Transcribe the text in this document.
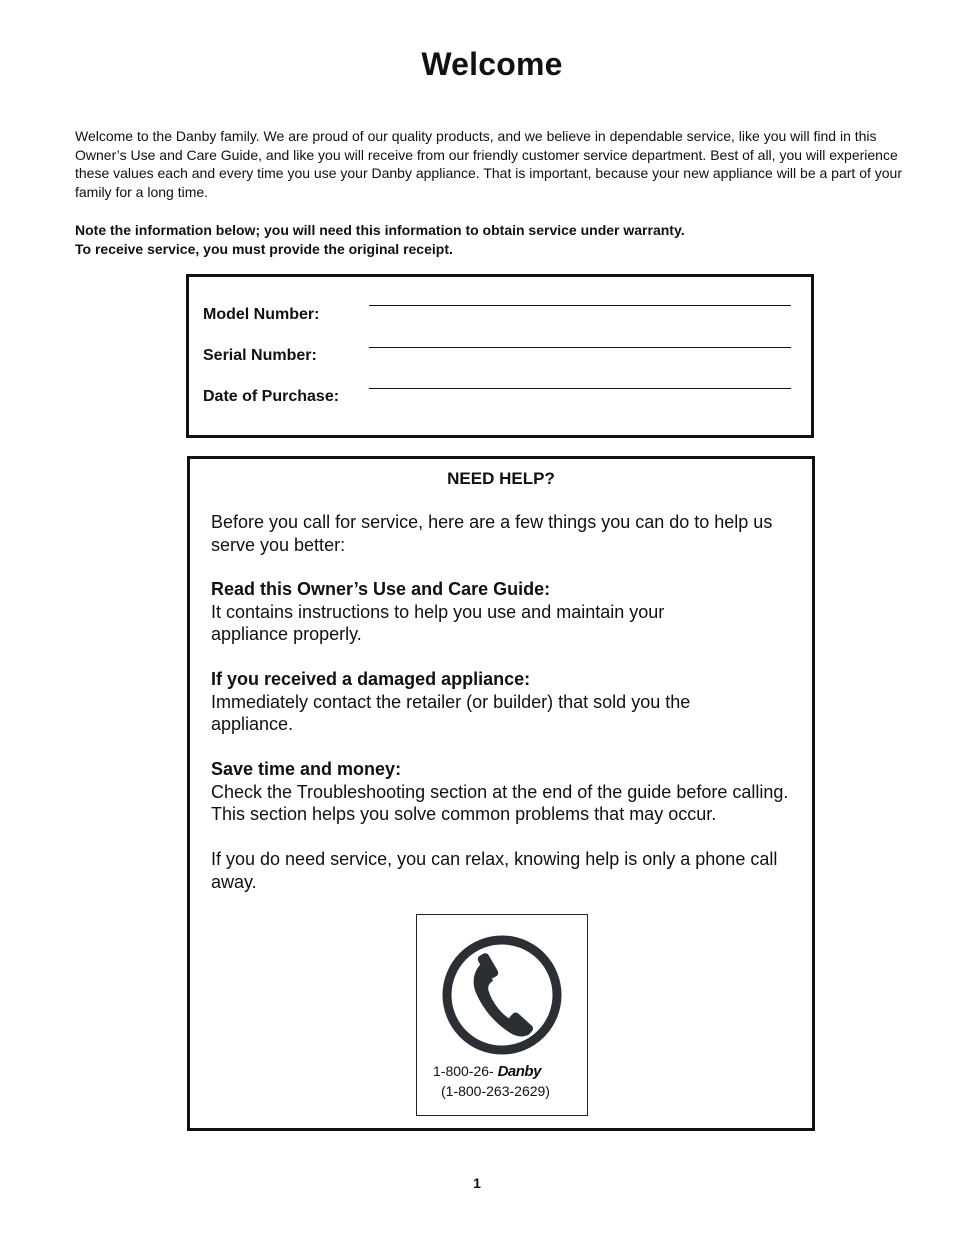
Welcome

Welcome to the Danby family. We are proud of our quality products, and we believe in dependable service, like you will find in this Owner’s Use and Care Guide, and like you will receive from our friendly customer service department. Best of all, you will experience these values each and every time you use your Danby appliance. That is important, because your new appliance will be a part of your family for a long time.

Note the information below; you will need this information to obtain service under warranty.
To receive service, you must provide the original receipt.
Model Number:
Serial Number:
Date of Purchase:
NEED HELP?
Before you call for service, here are a few things you can do to help us serve you better:
Read this Owner’s Use and Care Guide:
It contains instructions to help you use and maintain your appliance properly.
If you received a damaged appliance:
Immediately contact the retailer (or builder) that sold you the appliance.
Save time and money:
Check the Troubleshooting section at the end of the guide before calling. This section helps you solve common problems that may occur.
If you do need service, you can relax, knowing help is only a phone call away.
1-800-26- Danby
(1-800-263-2629)
1
